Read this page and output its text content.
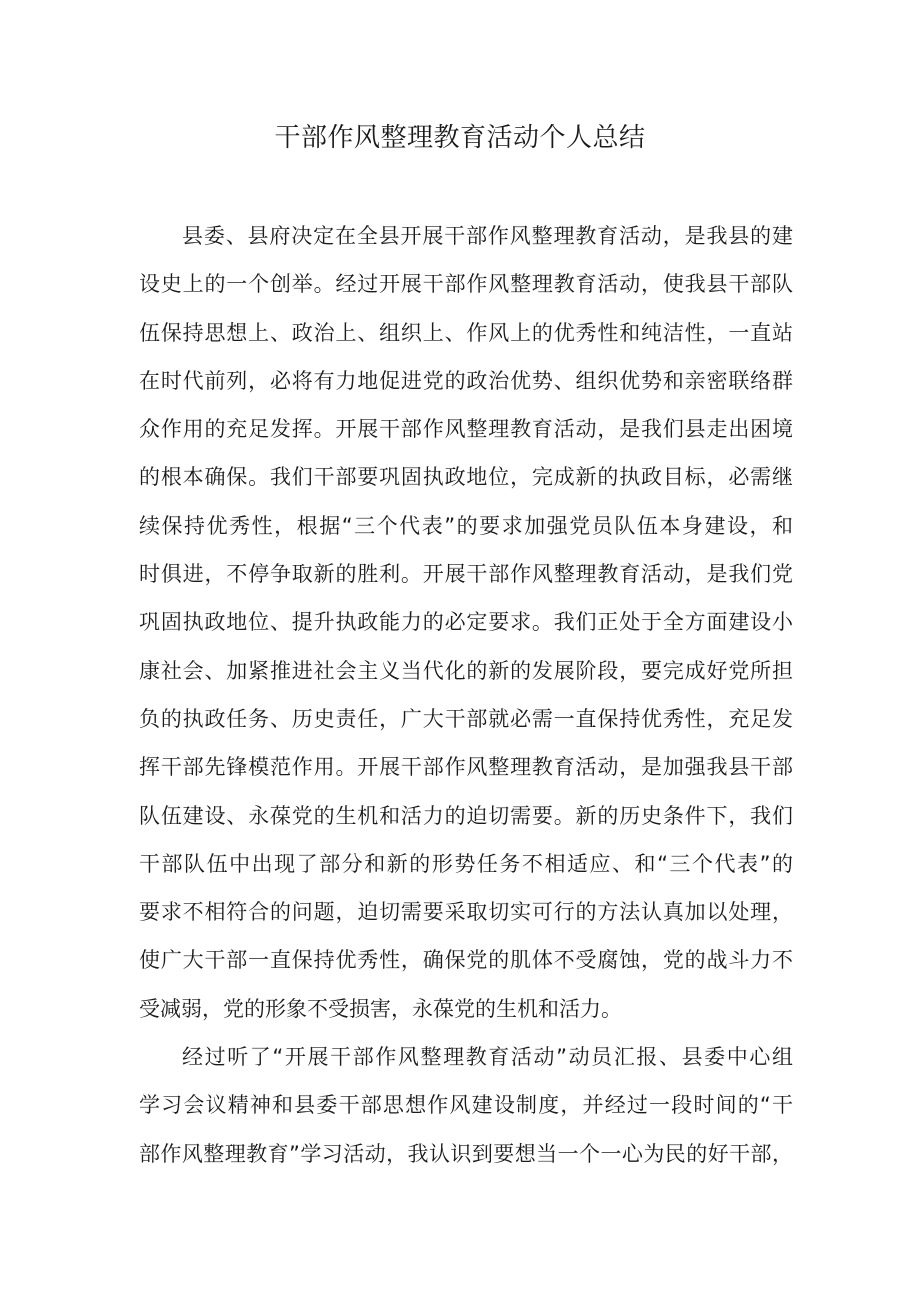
干部作风整理教育活动个人总结
县委、县府决定在全县开展干部作风整理教育活动，是我县的建
设史上的一个创举。经过开展干部作风整理教育活动，使我县干部队
伍保持思想上、政治上、组织上、作风上的优秀性和纯洁性，一直站
在时代前列，必将有力地促进党的政治优势、组织优势和亲密联络群
众作用的充足发挥。开展干部作风整理教育活动，是我们县走出困境
的根本确保。我们干部要巩固执政地位，完成新的执政目标，必需继
续保持优秀性，根据“三个代表”的要求加强党员队伍本身建设，和
时俱进，不停争取新的胜利。开展干部作风整理教育活动，是我们党
巩固执政地位、提升执政能力的必定要求。我们正处于全方面建设小
康社会、加紧推进社会主义当代化的新的发展阶段，要完成好党所担
负的执政任务、历史责任，广大干部就必需一直保持优秀性，充足发
挥干部先锋模范作用。开展干部作风整理教育活动，是加强我县干部
队伍建设、永葆党的生机和活力的迫切需要。新的历史条件下，我们
干部队伍中出现了部分和新的形势任务不相适应、和“三个代表”的
要求不相符合的问题，迫切需要采取切实可行的方法认真加以处理，
使广大干部一直保持优秀性，确保党的肌体不受腐蚀，党的战斗力不
受减弱，党的形象不受损害，永葆党的生机和活力。
经过听了“开展干部作风整理教育活动”动员汇报、县委中心组
学习会议精神和县委干部思想作风建设制度，并经过一段时间的“干
部作风整理教育”学习活动，我认识到要想当一个一心为民的好干部，
